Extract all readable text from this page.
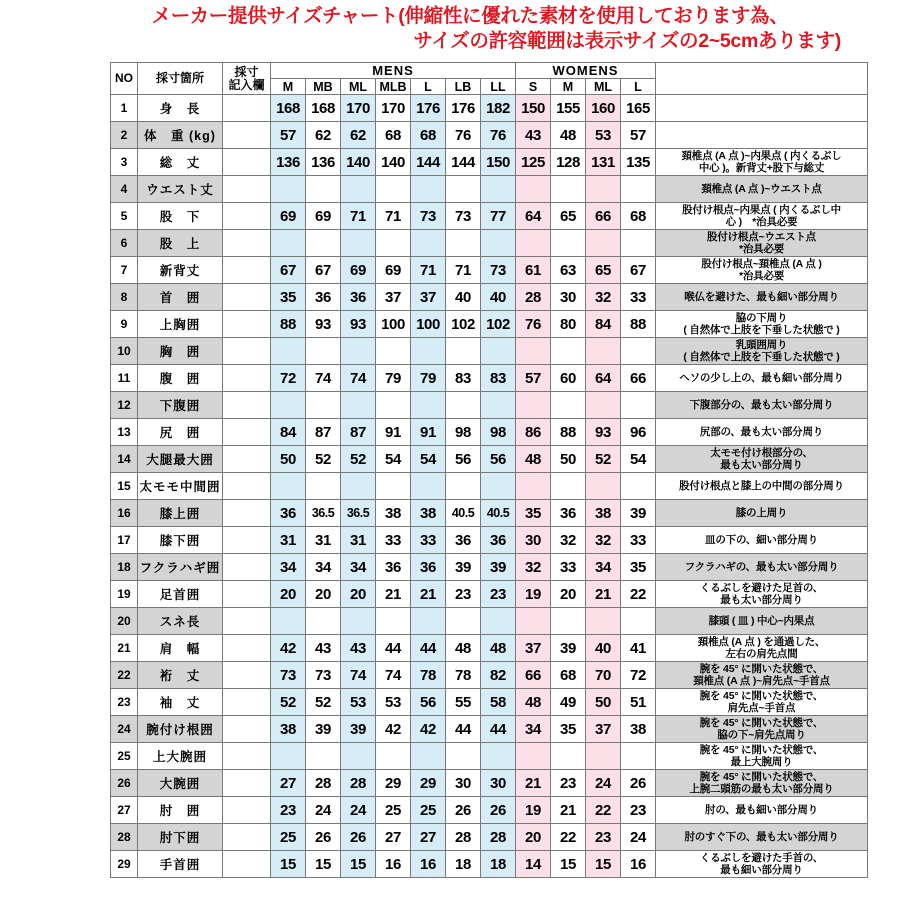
メーカー提供サイズチャート(伸縮性に優れた素材を使用しております為、
サイズの許容範囲は表示サイズの2~5cmあります)
NO	採寸箇所	採寸
記入欄	MENS							WOMENS				
			M	MB	ML	MLB	L	LB	LL	S	M	ML	L	
1	身　長		168	168	170	170	176	176	182	150	155	160	165	
2	体　重 (kg)		57	62	62	68	68	76	76	43	48	53	57	
3	総　丈		136	136	140	140	144	144	150	125	128	131	135	頚椎点 (A 点 )~内果点 ( 内くるぶし
中心 )。新背丈+股下与総丈

4	ウエスト丈													頚椎点 (A 点 )~ウエスト点

5	股　下		69	69	71	71	73	73	77	64	65	66	68	股付け根点~内果点 ( 内くるぶし中
心 )　*治具必要

6	股　上													股付け根点~ウエスト点
*治具必要

7	新背丈		67	67	69	69	71	71	73	61	63	65	67	股付け根点~頚椎点 (A 点 )
*治具必要

8	首　囲		35	36	36	37	37	40	40	28	30	32	33	喉仏を避けた、最も細い部分周り

9	上胸囲		88	93	93	100	100	102	102	76	80	84	88	脇の下周り
( 自然体で上肢を下垂した状態で )

10	胸　囲													乳頭囲周り
( 自然体で上肢を下垂した状態で )

11	腹　囲		72	74	74	79	79	83	83	57	60	64	66	ヘソの少し上の、最も細い部分周り

12	下腹囲													下腹部分の、最も太い部分周り

13	尻　囲		84	87	87	91	91	98	98	86	88	93	96	尻部の、最も太い部分周り

14	大腿最大囲		50	52	52	54	54	56	56	48	50	52	54	太モモ付け根部分の、
最も太い部分周り

15	太モモ中間囲													股付け根点と膝上の中間の部分周り

16	膝上囲		36	36.5	36.5	38	38	40.5	40.5	35	36	38	39	膝の上周り

17	膝下囲		31	31	31	33	33	36	36	30	32	32	33	皿の下の、細い部分周り

18	フクラハギ囲		34	34	34	36	36	39	39	32	33	34	35	フクラハギの、最も太い部分周り

19	足首囲		20	20	20	21	21	23	23	19	20	21	22	くるぶしを避けた足首の、
最も太い部分周り

20	スネ長													膝頭 ( 皿 ) 中心~内果点

21	肩　幅		42	43	43	44	44	48	48	37	39	40	41	頚椎点 (A 点 ) を通過した、
左右の肩先点間

22	裄　丈		73	73	74	74	78	78	82	66	68	70	72	腕を 45° に開いた状態で、
頚椎点 (A 点 )~肩先点~手首点

23	袖　丈		52	52	53	53	56	55	58	48	49	50	51	腕を 45° に開いた状態で、
肩先点~手首点

24	腕付け根囲		38	39	39	42	42	44	44	34	35	37	38	腕を 45° に開いた状態で、
脇の下~肩先点周り

25	上大腕囲													腕を 45° に開いた状態で、
最上大腕周り

26	大腕囲		27	28	28	29	29	30	30	21	23	24	26	腕を 45° に開いた状態で、
上腕二頭筋の最も太い部分周り

27	肘　囲		23	24	24	25	25	26	26	19	21	22	23	肘の、最も細い部分周り

28	肘下囲		25	26	26	27	27	28	28	20	22	23	24	肘のすぐ下の、最も太い部分周り

29	手首囲		15	15	15	16	16	18	18	14	15	15	16	くるぶしを避けた手首の、
最も細い部分周り
